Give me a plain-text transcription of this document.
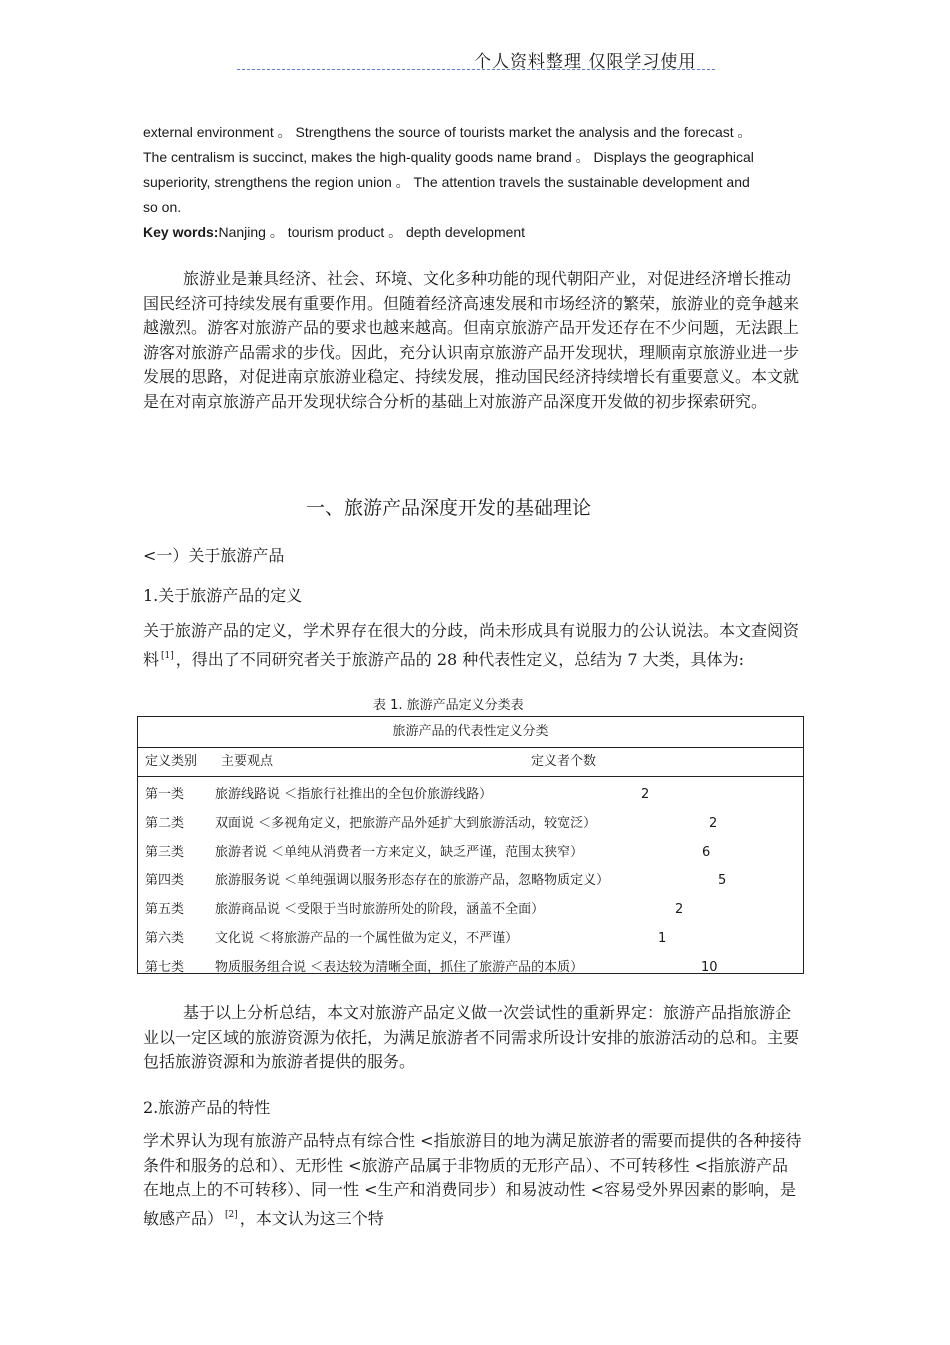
个人资料整理 仅限学习使用

external environment 。 Strengthens the source of tourists market the analysis and the forecast 。

The centralism is succinct, makes the high-quality goods name brand 。 Displays the geographical

superiority, strengthens the region union 。 The attention travels the sustainable development and

so on.

Key words:Nanjing 。 tourism product 。 depth development

旅游业是兼具经济、社会、环境、文化多种功能的现代朝阳产业，对促进经济增长推动国民经济可持续发展有重要作用。但随着经济高速发展和市场经济的繁荣，旅游业的竞争越来越激烈。游客对旅游产品的要求也越来越高。但南京旅游产品开发还存在不少问题，无法跟上游客对旅游产品需求的步伐。因此，充分认识南京旅游产品开发现状，理顺南京旅游业进一步发展的思路，对促进南京旅游业稳定、持续发展，推动国民经济持续增长有重要意义。本文就是在对南京旅游产品开发现状综合分析的基础上对旅游产品深度开发做的初步探索研究。

一、旅游产品深度开发的基础理论
<一）关于旅游产品
1.关于旅游产品的定义

关于旅游产品的定义，学术界存在很大的分歧，尚未形成具有说服力的公认说法。本文查阅资料 [1] ，得出了不同研究者关于旅游产品的 28 种代表性定义，总结为 7 大类，具体为:

表 1. 旅游产品定义分类表
旅游产品的代表性定义分类
定义类别 主要观点	定义者个数
第一类 旅游线路说 ＜指旅行社推出的全包价旅游线路）	2
第二类 双面说 ＜多视角定义，把旅游产品外延扩大到旅游活动，较宽泛）	2
第三类 旅游者说 ＜单纯从消费者一方来定义，缺乏严谨，范围太狭窄）	6
第四类 旅游服务说 ＜单纯强调以服务形态存在的旅游产品，忽略物质定义）	5
第五类 旅游商品说 ＜受限于当时旅游所处的阶段，涵盖不全面）	2
第六类 文化说 ＜将旅游产品的一个属性做为定义，不严谨）	1
第七类 物质服务组合说 ＜表达较为清晰全面，抓住了旅游产品的本质）	10

基于以上分析总结，本文对旅游产品定义做一次尝试性的重新界定：旅游产品指旅游企业以一定区域的旅游资源为依托，为满足旅游者不同需求所设计安排的旅游活动的总和。主要包括旅游资源和为旅游者提供的服务。

2.旅游产品的特性

学术界认为现有旅游产品特点有综合性 <指旅游目的地为满足旅游者的需要而提供的各种接待条件和服务的总和）、无形性 <旅游产品属于非物质的无形产品）、不可转移性 <指旅游产品在地点上的不可转移）、同一性 <生产和消费同步）和易波动性 <容易受外界因素的影响，是敏感产品） [2] ，本文认为这三个特
